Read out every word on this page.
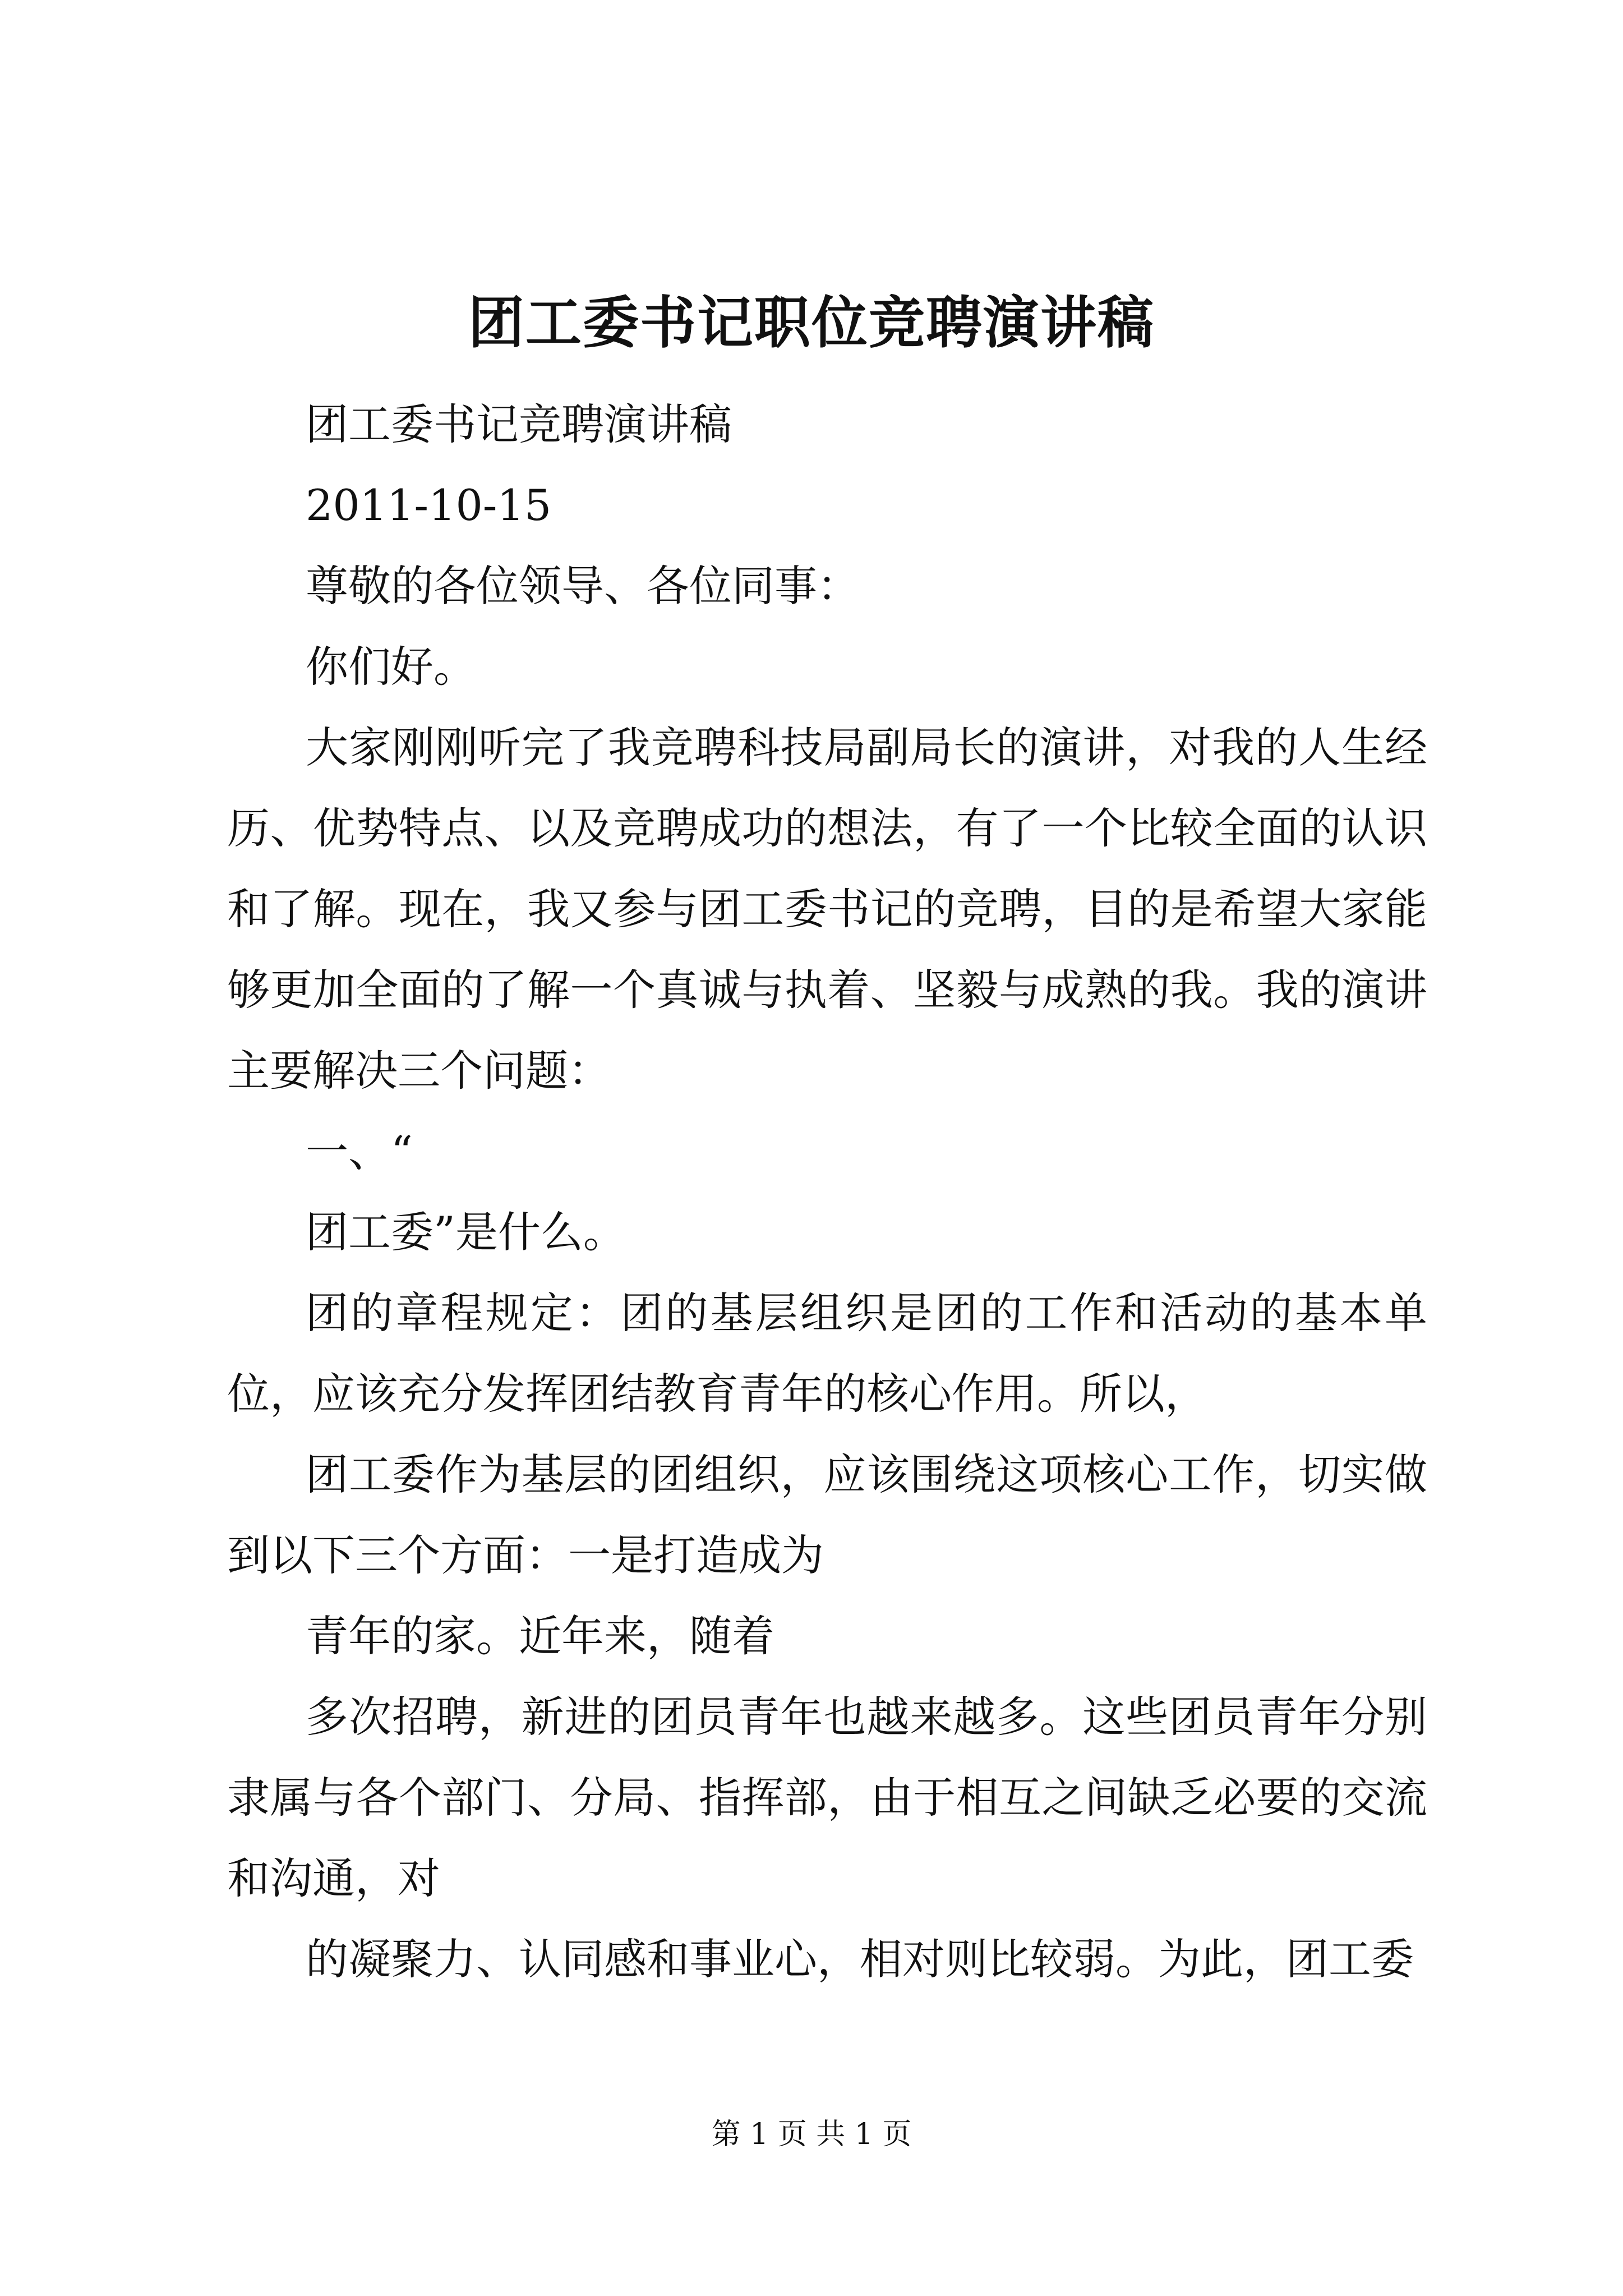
团工委书记职位竞聘演讲稿

团工委书记竞聘演讲稿

2011-10-15

尊敬的各位领导、各位同事：

你们好。

大家刚刚听完了我竞聘科技局副局长的演讲，对我的人生经历、优势特点、以及竞聘成功的想法，有了一个比较全面的认识和了解。现在，我又参与团工委书记的竞聘，目的是希望大家能够更加全面的了解一个真诚与执着、坚毅与成熟的我。我的演讲主要解决三个问题：

一、“

团工委”是什么。

团的章程规定：团的基层组织是团的工作和活动的基本单位，应该充分发挥团结教育青年的核心作用。所以，

团工委作为基层的团组织，应该围绕这项核心工作，切实做到以下三个方面：一是打造成为

青年的家。近年来，随着

多次招聘，新进的团员青年也越来越多。这些团员青年分别隶属与各个部门、分局、指挥部，由于相互之间缺乏必要的交流和沟通，对

的凝聚力、认同感和事业心，相对则比较弱。为此，团工委

第 1 页 共 1 页
